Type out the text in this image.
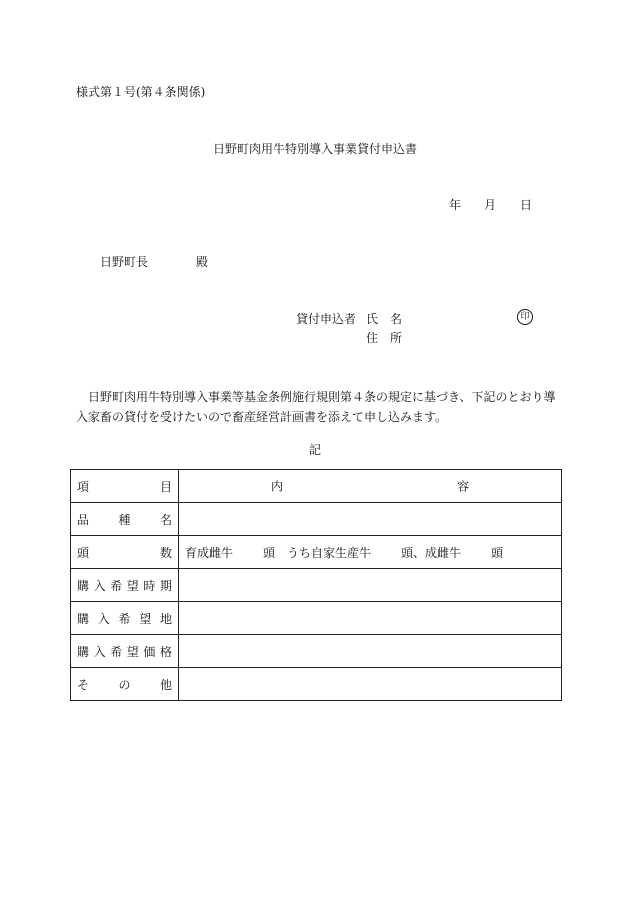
様式第１号(第４条関係)
日野町肉用牛特別導入事業貸付申込書
年 月 日
日野町長	殿
貸付申込者 氏　名
住　所
印
日野町肉用牛特別導入事業等基金条例施行規則第４条の規定に基づき、下記のとおり導入家畜の貸付を受けたいので畜産経営計画書を添えて申し込みます。
記
項目	内 容

品種名	
頭数	育成雌牛 頭　うち自家生産牛 頭、成雌牛 頭
購入希望時期	
購入希望地	
購入希望価格	
その他	
